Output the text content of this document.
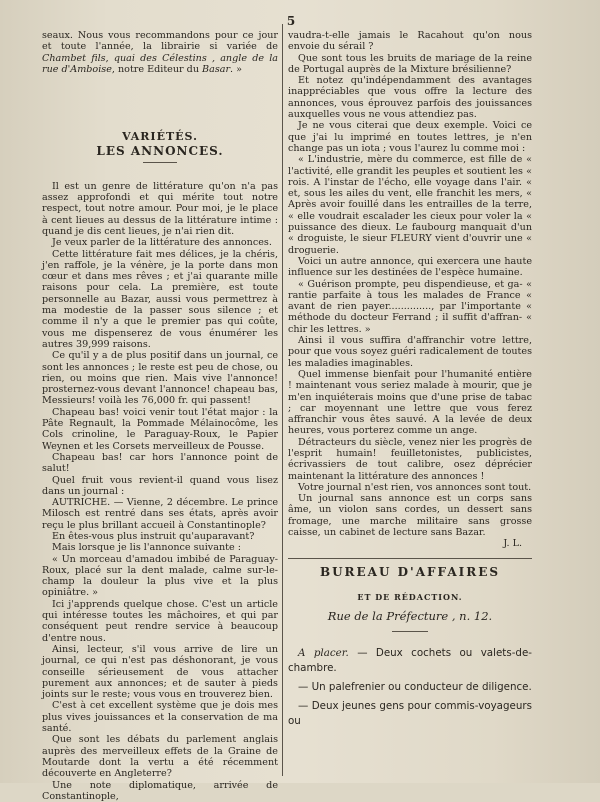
5

seaux. Nous vous recommandons pour ce jour et toute l'année, la librairie si variée de Chambet fils, quai des Célestins , angle de la rue d'Amboise, notre Editeur du Basar. »

VARIÉTÉS.
LES ANNONCES.

Il est un genre de littérature qu'on n'a pas assez approfondi et qui mérite tout notre respect, tout notre amour. Pour moi, je le place à cent lieues au dessus de la littérature intime : quand je dis cent lieues, je n'ai rien dit.

Je veux parler de la littérature des annonces.

Cette littérature fait mes délices, je la chéris, j'en raffole, je la vénère, je la porte dans mon cœur et dans mes rêves ; et j'ai quarante mille raisons pour cela. La première, est toute personnelle au Bazar, aussi vous permettrez à ma modestie de la passer sous silence ; et comme il n'y a que le premier pas qui coûte, vous me dispenserez de vous énumérer les autres 39,999 raisons.

Ce qu'il y a de plus positif dans un journal, ce sont les annonces ; le reste est peu de chose, ou rien, ou moins que rien. Mais vive l'annonce! prosternez-vous devant l'annonce! chapeau bas, Messieurs! voilà les 76,000 fr. qui passent!

Chapeau bas! voici venir tout l'état major : la Pâte Regnault, la Pommade Mélainocôme, les Cols crinoline, le Paraguay-Roux, le Papier Weynen et les Corsets merveilleux de Pousse.

Chapeau bas! car hors l'annonce point de salut!

Quel fruit vous revient-il quand vous lisez dans un journal :

AUTRICHE. — Vienne, 2 décembre. Le prince Milosch est rentré dans ses états, après avoir reçu le plus brillant accueil à Constantinople?

En êtes-vous plus instruit qu'auparavant?

Mais lorsque je lis l'annonce suivante :

« Un morceau d'amadou imbibé de Paraguay-Roux, placé sur la dent malade, calme sur-le-champ la douleur la plus vive et la plus opiniâtre. »

Ici j'apprends quelque chose. C'est un article qui intéresse toutes les mâchoires, et qui par conséquent peut rendre service à beaucoup d'entre nous.

Ainsi, lecteur, s'il vous arrive de lire un journal, ce qui n'est pas déshonorant, je vous conseille sérieusement de vous attacher purement aux annonces; et de sauter à pieds joints sur le reste; vous vous en trouverez bien.

C'est à cet excellent système que je dois mes plus vives jouissances et la conservation de ma santé.

Que sont les débats du parlement anglais auprès des merveilleux effets de la Graine de Moutarde dont la vertu a été récemment découverte en Angleterre?

Une note diplomatique, arrivée de Constantinople,

vaudra-t-elle jamais le Racahout qu'on nous envoie du sérail ?

Que sont tous les bruits de mariage de la reine de Portugal auprès de la Mixture brésilienne?

Et notez qu'indépendamment des avantages inappréciables que vous offre la lecture des annonces, vous éprouvez parfois des jouissances auxquelles vous ne vous attendiez pas.

Je ne vous citerai que deux exemple. Voici ce que j'ai lu imprimé en toutes lettres, je n'en change pas un iota ; vous l'aurez lu comme moi :

« L'industrie, mère du commerce, est fille de « l'activité, elle grandit les peuples et soutient les « rois. A l'instar de l'écho, elle voyage dans l'air. « et, sous les ailes du vent, elle franchit les mers, « Après avoir fouillé dans les entrailles de la terre, « elle voudrait escalader les cieux pour voler la « puissance des dieux. Le faubourg manquait d'un « droguiste, le sieur FLEURY vient d'ouvrir une « droguerie.

Voici un autre annonce, qui exercera une haute influence sur les destinées de l'espèce humaine.

« Guérison prompte, peu dispendieuse, et ga- « rantie parfaite à tous les malades de France « avant de rien payer.............., par l'importante « méthode du docteur Ferrand ; il suffit d'affran- « chir les lettres. »

Ainsi il vous suffira d'affranchir votre lettre, pour que vous soyez guéri radicalement de toutes les maladies imaginables.

Quel immense bienfait pour l'humanité entière ! maintenant vous seriez malade à mourir, que je m'en inquiéterais moins que d'une prise de tabac ; car moyennant une lettre que vous ferez affranchir vous êtes sauvé. A la levée de deux heures, vous porterez comme un ange.

Détracteurs du siècle, venez nier les progrès de l'esprit humain! feuilletonistes, publicistes, écrivassiers de tout calibre, osez déprécier maintenant la littérature des annonces !

Votre journal n'est rien, vos annonces sont tout.

Un journal sans annonce est un corps sans âme, un violon sans cordes, un dessert sans fromage, une marche militaire sans grosse caisse, un cabinet de lecture sans Bazar.

J. L.

BUREAU D'AFFAIRES
ET DE RÉDACTION.
Rue de la Préfecture , n. 12.

A placer. — Deux cochets ou valets-de-chambre.

— Un palefrenier ou conducteur de diligence.

— Deux jeunes gens pour commis-voyageurs ou
